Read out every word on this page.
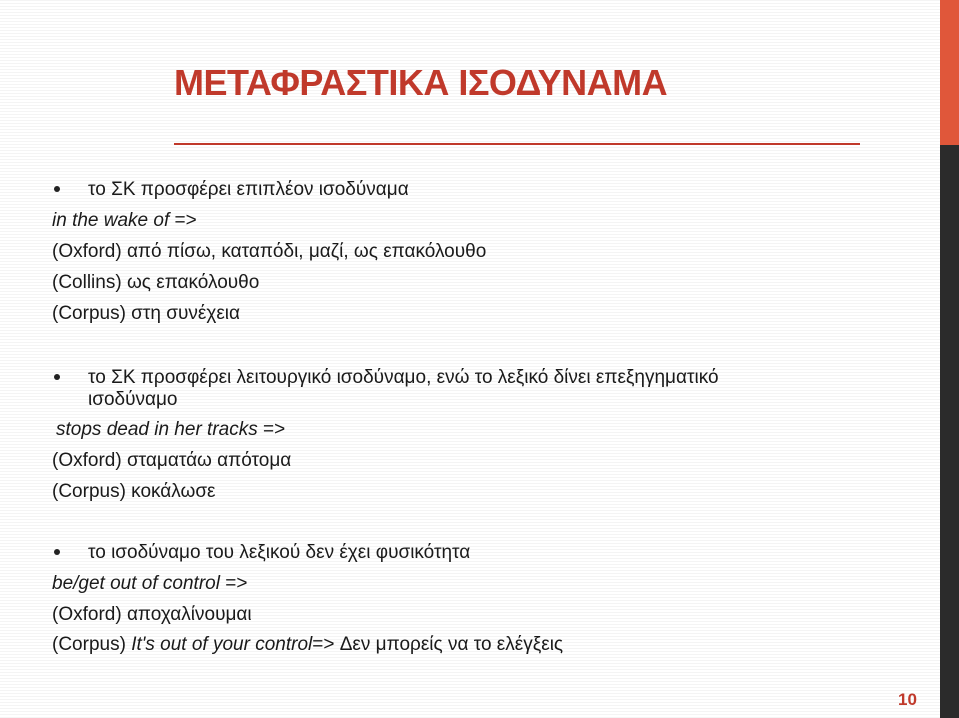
ΜΕΤΑΦΡΑΣΤΙΚΑ ΙΣΟΔΥΝΑΜΑ

το ΣΚ προσφέρει επιπλέον ισοδύναμα

in the wake of =>

(Oxford) από πίσω, καταπόδι, μαζί, ως επακόλουθο

(Collins) ως επακόλουθο

(Corpus) στη συνέχεια

το ΣΚ προσφέρει λειτουργικό ισοδύναμο, ενώ το λεξικό δίνει επεξηγηματικό

ισοδύναμο

stops dead in her tracks =>

(Oxford) σταματάω απότομα

(Corpus) κοκάλωσε

το ισοδύναμο του λεξικού δεν έχει φυσικότητα

be/get out of control =>

(Oxford) αποχαλίνουμαι

(Corpus) It's out of your control=> Δεν μπορείς να το ελέγξεις

10
